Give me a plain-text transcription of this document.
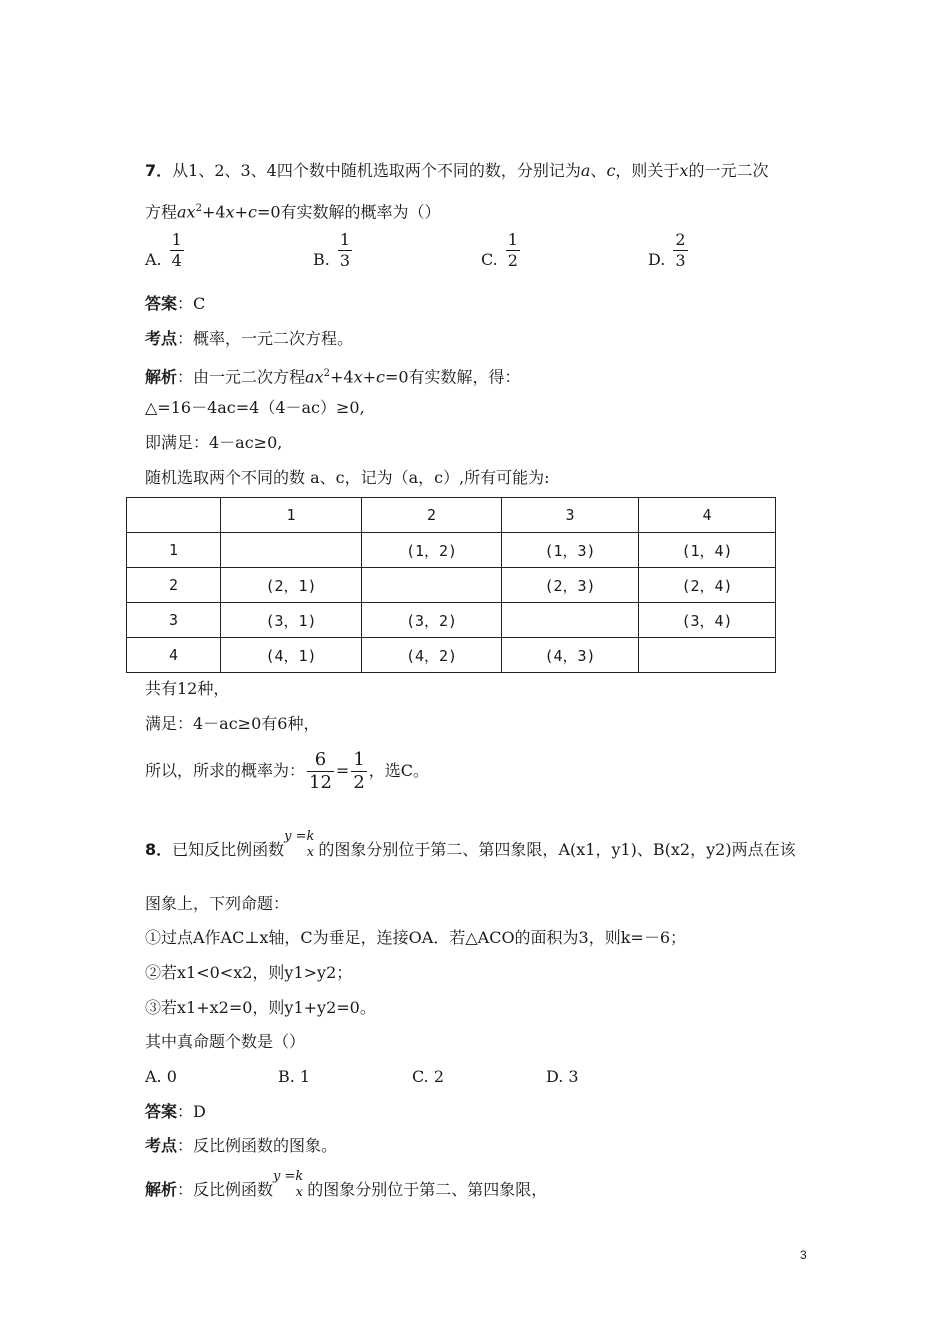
7．从1、2、3、4四个数中随机选取两个不同的数，分别记为a、c，则关于x的一元二次
方程$ax^2+4x+c=0$有实数解的概率为（）
A. $\frac{1}{4}$	B. $\frac{1}{3}$	C. $\frac{1}{2}$	D. $\frac{2}{3}$
答案：C
考点：概率，一元二次方程。
解析：由一元二次方程$ax^2+4x+c=0$有实数解，得：
△=16－4ac=4（4－ac）≥0,
即满足：4－ac≥0,
随机选取两个不同的数 a、c，记为（a，c）,所有可能为:
	1	2	3	4
1		(1，2)	(1，3)	(1，4)
2	(2，1)		(2，3)	(2，4)
3	(3，1)	(3，2)		(3，4)
4	(4，1)	(4，2)	(4，3)	
共有12种，
满足：4－ac≥0有6种，
所以，所求的概率为： $\frac{6}{12} = \frac{1}{2}$ ，选C。
8．已知反比例函数
y = k
x 的图象分别位于第二、第四象限，A(x1，y1)、B(x2，y2)两点在该
图象上，下列命题：
①过点A作AC⊥x轴，C为垂足，连接OA．若△ACO的面积为3，则k=－6；
②若x1<0<x2，则y1>y2；
③若x1+x2=0，则y1+y2=0。
其中真命题个数是（）
A. 0	B. 1	C. 2	D. 3
答案：D
考点：反比例函数的图象。
解析：反比例函数
y = k
x 的图象分别位于第二、第四象限，
3
